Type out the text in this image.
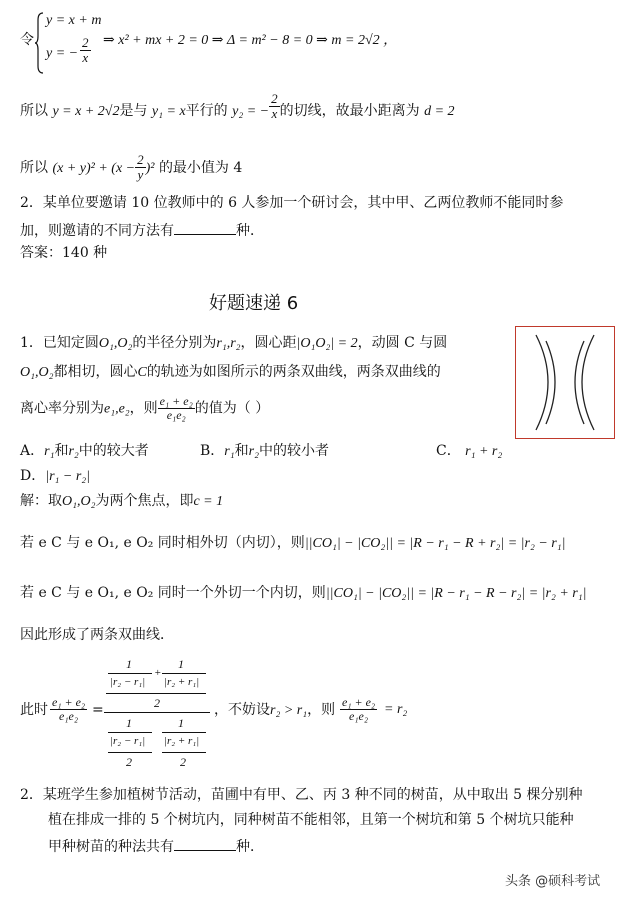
令
y = x + m
y = − $\frac{2}{x}$ ⇒ x² + mx + 2 = 0 ⇒ Δ = m² − 8 = 0 ⇒ m = 2√2 ，
所以 y = x + 2√2是与 y₁ = x平行的 y₂ = − $\frac{2}{x}$ 的切线，故最小距离为 d = 2
所以 $(x + y)^2 + (x - \frac{2}{y} )^2$ 的最小值为 4
2．某单位要邀请 10 位教师中的 6 人参加一个研讨会，其中甲、乙两位教师不能同时参
加，则邀请的不同方法有	种．
答案：140 种
好题速递 6
1．已知定圆O₁,O₂的半径分别为r₁,r₂，圆心距|O₁O₂| = 2，动圆 C 与圆
O₁,O₂都相切，圆心C的轨迹为如图所示的两条双曲线，两条双曲线的
离心率分别为e₁,e₂，则 $\frac{\text{e₁ + e₂}}{\text{e₁e₂}}$ 的值为（ ）
A．r₁和r₂中的较大者	B．r₁和r₂中的较小者	C． r₁ + r₂
D．|r₁ − r₂|
解：取O₁,O₂为两个焦点，即c = 1
若 e C 与 e O₁, e O₂ 同时相外切（内切），则||CO₁| − |CO₂|| = |R − r₁ − R + r₂| = |r₂ − r₁|
若 e C 与 e O₁, e O₂ 同时一个外切一个内切，则||CO₁| − |CO₂|| = |R − r₁ − R − r₂| = |r₂ + r₁|
因此形成了两条双曲线．
此时 $\frac{\text{e₁ + e₂}}{\text{e₁e₂}}$ =
1	1
|r₂ − r₁|
+
|r₂ + r₁|
2
1	1
|r₂ − r₁| |r₂ + r₁|
2	2
，不妨设r₂ > r₁，则 $\frac{\text{e₁ + e₂}}{\text{e₁e₂}} = r_2$
2．某班学生参加植树节活动，苗圃中有甲、乙、丙 3 种不同的树苗，从中取出 5 棵分别种
植在排成一排的 5 个树坑内，同种树苗不能相邻，且第一个树坑和第 5 个树坑只能种
甲种树苗的种法共有	种．
头条 @硕科考试
